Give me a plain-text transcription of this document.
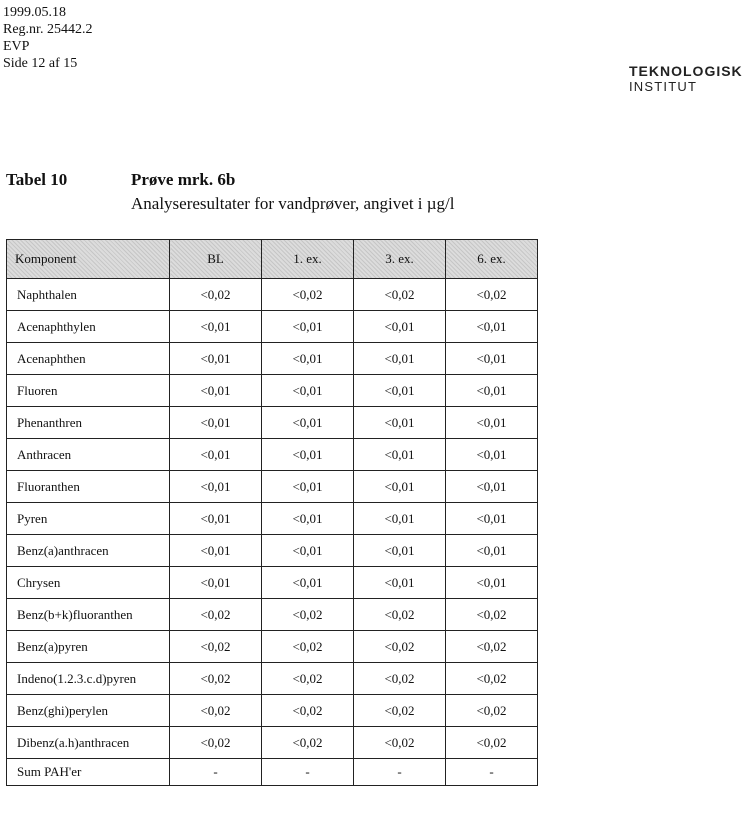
1999.05.18
Reg.nr. 25442.2
EVP
Side 12 af 15	TEKNOLOGISK
INSTITUT
Tabel 10	Prøve mrk. 6b
Analyseresultater for vandprøver, angivet i µg/l
Komponent	BL	1. ex.	3. ex.	6. ex.
Naphthalen	<0,02	<0,02	<0,02	<0,02
Acenaphthylen	<0,01	<0,01	<0,01	<0,01
Acenaphthen	<0,01	<0,01	<0,01	<0,01
Fluoren	<0,01	<0,01	<0,01	<0,01
Phenanthren	<0,01	<0,01	<0,01	<0,01
Anthracen	<0,01	<0,01	<0,01	<0,01
Fluoranthen	<0,01	<0,01	<0,01	<0,01
Pyren	<0,01	<0,01	<0,01	<0,01
Benz(a)anthracen	<0,01	<0,01	<0,01	<0,01
Chrysen	<0,01	<0,01	<0,01	<0,01
Benz(b+k)fluoranthen	<0,02	<0,02	<0,02	<0,02
Benz(a)pyren	<0,02	<0,02	<0,02	<0,02
Indeno(1.2.3.c.d)pyren	<0,02	<0,02	<0,02	<0,02
Benz(ghi)perylen	<0,02	<0,02	<0,02	<0,02
Dibenz(a.h)anthracen	<0,02	<0,02	<0,02	<0,02
Sum PAH'er	-	-	-	-
